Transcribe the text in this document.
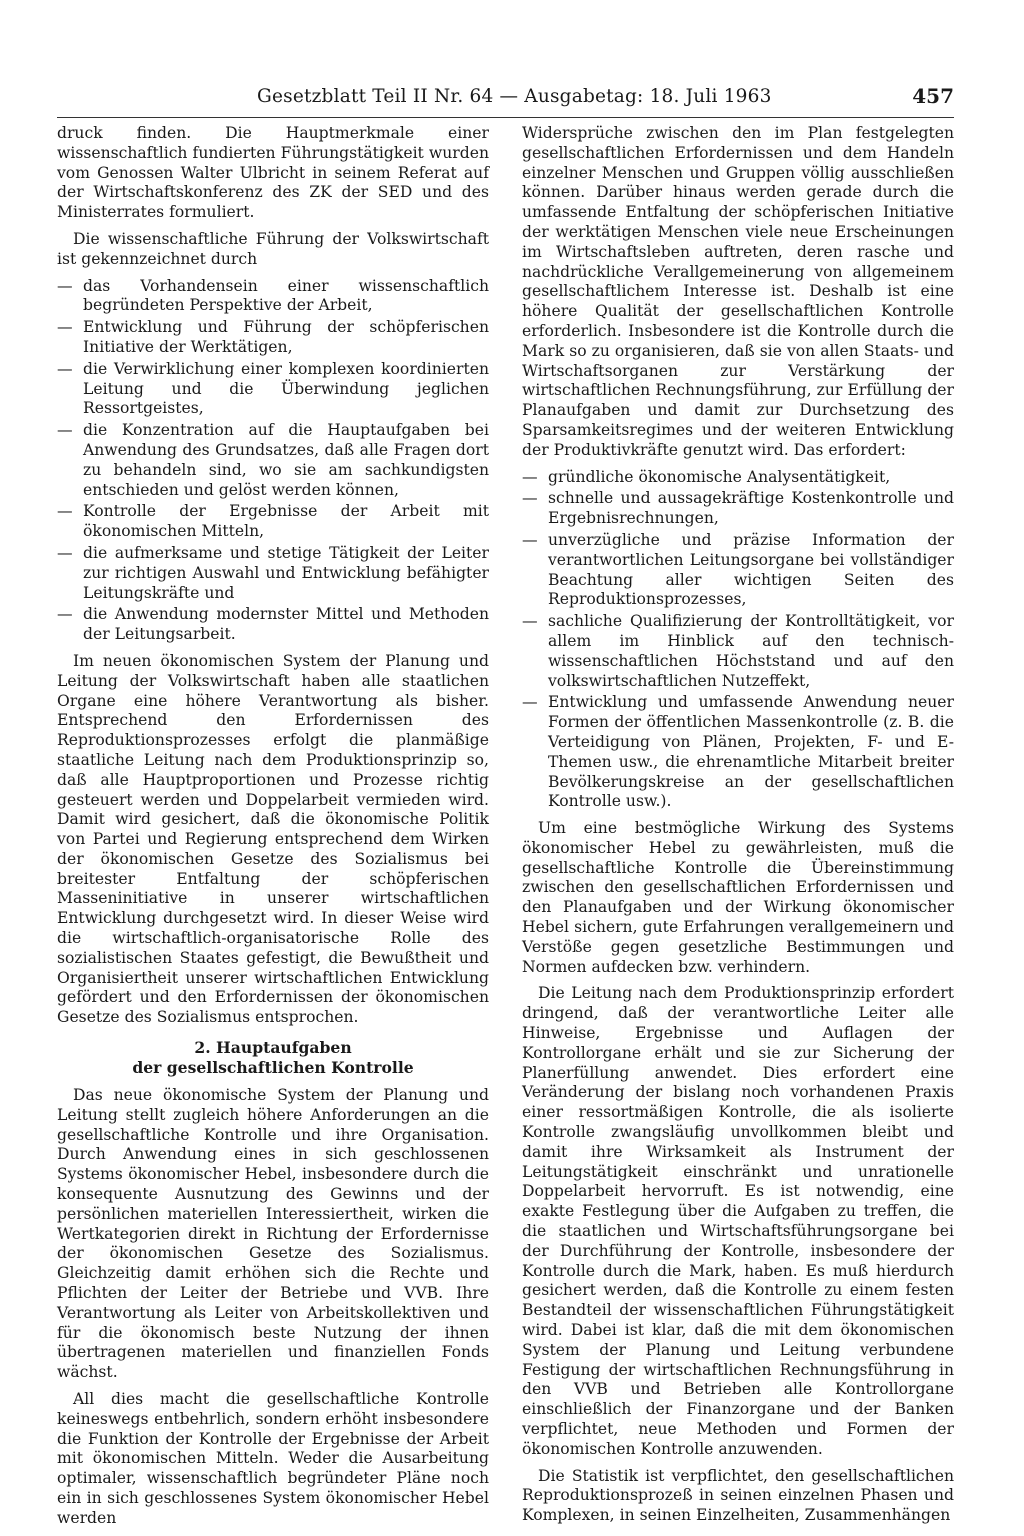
Gesetzblatt Teil II Nr. 64 — Ausgabetag: 18. Juli 1963	457

druck finden. Die Hauptmerkmale einer wissenschaftlich fundierten Führungstätigkeit wurden vom Genossen Walter Ulbricht in seinem Referat auf der Wirtschaftskonferenz des ZK der SED und des Ministerrates formuliert.

Die wissenschaftliche Führung der Volkswirtschaft ist gekennzeichnet durch

— das Vorhandensein einer wissenschaftlich begründeten Perspektive der Arbeit,
— Entwicklung und Führung der schöpferischen Initiative der Werktätigen,
— die Verwirklichung einer komplexen koordinierten Leitung und die Überwindung jeglichen Ressortgeistes,
— die Konzentration auf die Hauptaufgaben bei Anwendung des Grundsatzes, daß alle Fragen dort zu behandeln sind, wo sie am sachkundigsten entschieden und gelöst werden können,
— Kontrolle der Ergebnisse der Arbeit mit ökonomischen Mitteln,
— die aufmerksame und stetige Tätigkeit der Leiter zur richtigen Auswahl und Entwicklung befähigter Leitungskräfte und
— die Anwendung modernster Mittel und Methoden der Leitungsarbeit.

Im neuen ökonomischen System der Planung und Leitung der Volkswirtschaft haben alle staatlichen Organe eine höhere Verantwortung als bisher. Entsprechend den Erfordernissen des Reproduktionsprozesses erfolgt die planmäßige staatliche Leitung nach dem Produktionsprinzip so, daß alle Hauptproportionen und Prozesse richtig gesteuert werden und Doppelarbeit vermieden wird. Damit wird gesichert, daß die ökonomische Politik von Partei und Regierung entsprechend dem Wirken der ökonomischen Gesetze des Sozialismus bei breitester Entfaltung der schöpferischen Masseninitiative in unserer wirtschaftlichen Entwicklung durchgesetzt wird. In dieser Weise wird die wirtschaftlich-organisatorische Rolle des sozialistischen Staates gefestigt, die Bewußtheit und Organisiertheit unserer wirtschaftlichen Entwicklung gefördert und den Erfordernissen der ökonomischen Gesetze des Sozialismus entsprochen.

2. Hauptaufgaben
der gesellschaftlichen Kontrolle

Das neue ökonomische System der Planung und Leitung stellt zugleich höhere Anforderungen an die gesellschaftliche Kontrolle und ihre Organisation. Durch Anwendung eines in sich geschlossenen Systems ökonomischer Hebel, insbesondere durch die konsequente Ausnutzung des Gewinns und der persönlichen materiellen Interessiertheit, wirken die Wertkategorien direkt in Richtung der Erfordernisse der ökonomischen Gesetze des Sozialismus. Gleichzeitig damit erhöhen sich die Rechte und Pflichten der Leiter der Betriebe und VVB. Ihre Verantwortung als Leiter von Arbeitskollektiven und für die ökonomisch beste Nutzung der ihnen übertragenen materiellen und finanziellen Fonds wächst.

All dies macht die gesellschaftliche Kontrolle keineswegs entbehrlich, sondern erhöht insbesondere die Funktion der Kontrolle der Ergebnisse der Arbeit mit ökonomischen Mitteln. Weder die Ausarbeitung optimaler, wissenschaftlich begründeter Pläne noch ein in sich geschlossenes System ökonomischer Hebel werden

Widersprüche zwischen den im Plan festgelegten gesellschaftlichen Erfordernissen und dem Handeln einzelner Menschen und Gruppen völlig ausschließen können. Darüber hinaus werden gerade durch die umfassende Entfaltung der schöpferischen Initiative der werktätigen Menschen viele neue Erscheinungen im Wirtschaftsleben auftreten, deren rasche und nachdrückliche Verallgemeinerung von allgemeinem gesellschaftlichem Interesse ist. Deshalb ist eine höhere Qualität der gesellschaftlichen Kontrolle erforderlich. Insbesondere ist die Kontrolle durch die Mark so zu organisieren, daß sie von allen Staats- und Wirtschaftsorganen zur Verstärkung der wirtschaftlichen Rechnungsführung, zur Erfüllung der Planaufgaben und damit zur Durchsetzung des Sparsamkeitsregimes und der weiteren Entwicklung der Produktivkräfte genutzt wird. Das erfordert:

— gründliche ökonomische Analysentätigkeit,
— schnelle und aussagekräftige Kostenkontrolle und Ergebnisrechnungen,
— unverzügliche und präzise Information der verantwortlichen Leitungsorgane bei vollständiger Beachtung aller wichtigen Seiten des Reproduktionsprozesses,
— sachliche Qualifizierung der Kontrolltätigkeit, vor allem im Hinblick auf den technisch-wissenschaftlichen Höchststand und auf den volkswirtschaftlichen Nutzeffekt,
— Entwicklung und umfassende Anwendung neuer Formen der öffentlichen Massenkontrolle (z. B. die Verteidigung von Plänen, Projekten, F- und E-Themen usw., die ehrenamtliche Mitarbeit breiter Bevölkerungskreise an der gesellschaftlichen Kontrolle usw.).

Um eine bestmögliche Wirkung des Systems ökonomischer Hebel zu gewährleisten, muß die gesellschaftliche Kontrolle die Übereinstimmung zwischen den gesellschaftlichen Erfordernissen und den Planaufgaben und der Wirkung ökonomischer Hebel sichern, gute Erfahrungen verallgemeinern und Verstöße gegen gesetzliche Bestimmungen und Normen aufdecken bzw. verhindern.

Die Leitung nach dem Produktionsprinzip erfordert dringend, daß der verantwortliche Leiter alle Hinweise, Ergebnisse und Auflagen der Kontrollorgane erhält und sie zur Sicherung der Planerfüllung anwendet. Dies erfordert eine Veränderung der bislang noch vorhandenen Praxis einer ressortmäßigen Kontrolle, die als isolierte Kontrolle zwangsläufig unvollkommen bleibt und damit ihre Wirksamkeit als Instrument der Leitungstätigkeit einschränkt und unrationelle Doppelarbeit hervorruft. Es ist notwendig, eine exakte Festlegung über die Aufgaben zu treffen, die die staatlichen und Wirtschaftsführungsorgane bei der Durchführung der Kontrolle, insbesondere der Kontrolle durch die Mark, haben. Es muß hierdurch gesichert werden, daß die Kontrolle zu einem festen Bestandteil der wissenschaftlichen Führungstätigkeit wird. Dabei ist klar, daß die mit dem ökonomischen System der Planung und Leitung verbundene Festigung der wirtschaftlichen Rechnungsführung in den VVB und Betrieben alle Kontrollorgane einschließlich der Finanzorgane und der Banken verpflichtet, neue Methoden und Formen der ökonomischen Kontrolle anzuwenden.

Die Statistik ist verpflichtet, den gesellschaftlichen Reproduktionsprozeß in seinen einzelnen Phasen und Komplexen, in seinen Einzelheiten, Zusammenhängen
